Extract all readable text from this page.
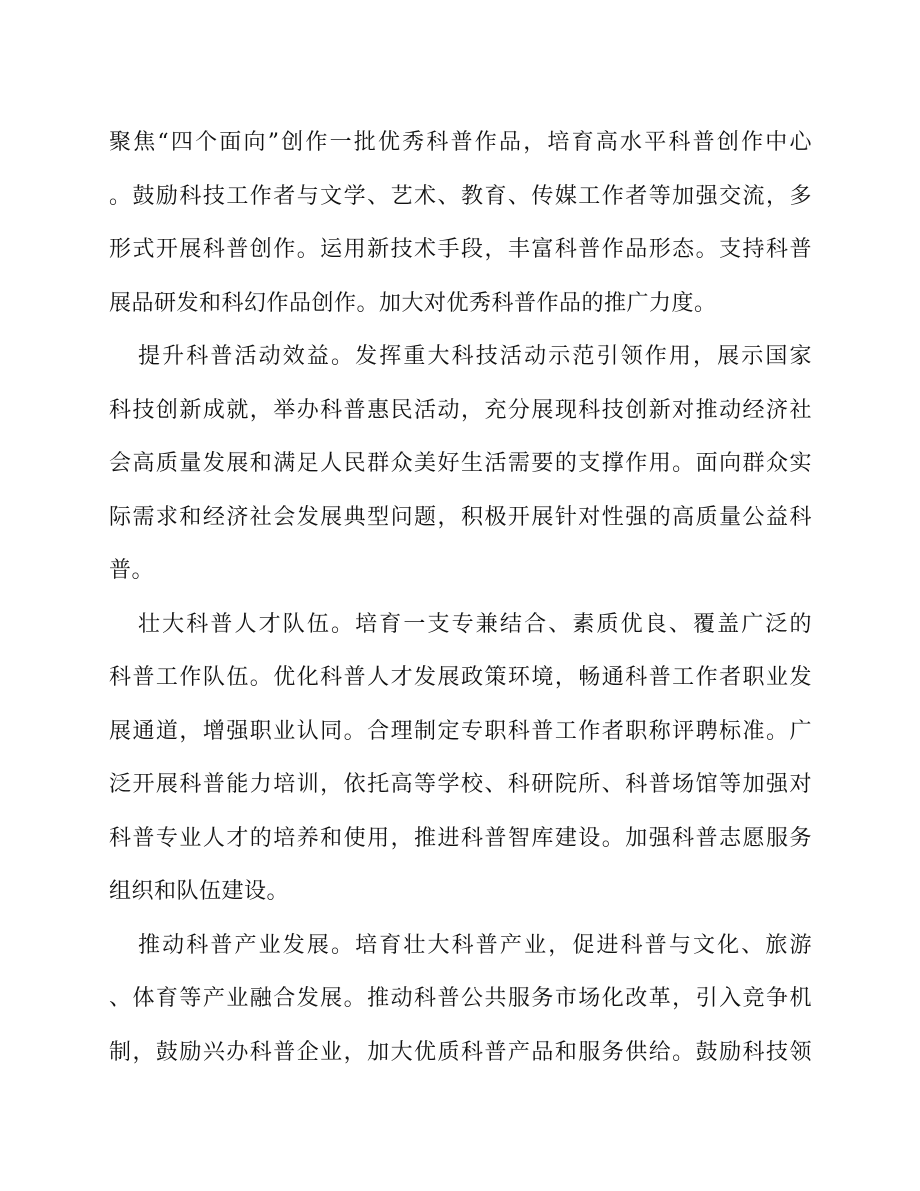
聚焦“四个面向”创作一批优秀科普作品，培育高水平科普创作中心
。鼓励科技工作者与文学、艺术、教育、传媒工作者等加强交流，多
形式开展科普创作。运用新技术手段，丰富科普作品形态。支持科普
展品研发和科幻作品创作。加大对优秀科普作品的推广力度。
提升科普活动效益。发挥重大科技活动示范引领作用，展示国家
科技创新成就，举办科普惠民活动，充分展现科技创新对推动经济社
会高质量发展和满足人民群众美好生活需要的支撑作用。面向群众实
际需求和经济社会发展典型问题，积极开展针对性强的高质量公益科
普。
壮大科普人才队伍。培育一支专兼结合、素质优良、覆盖广泛的
科普工作队伍。优化科普人才发展政策环境，畅通科普工作者职业发
展通道，增强职业认同。合理制定专职科普工作者职称评聘标准。广
泛开展科普能力培训，依托高等学校、科研院所、科普场馆等加强对
科普专业人才的培养和使用，推进科普智库建设。加强科普志愿服务
组织和队伍建设。
推动科普产业发展。培育壮大科普产业，促进科普与文化、旅游
、体育等产业融合发展。推动科普公共服务市场化改革，引入竞争机
制，鼓励兴办科普企业，加大优质科普产品和服务供给。鼓励科技领
